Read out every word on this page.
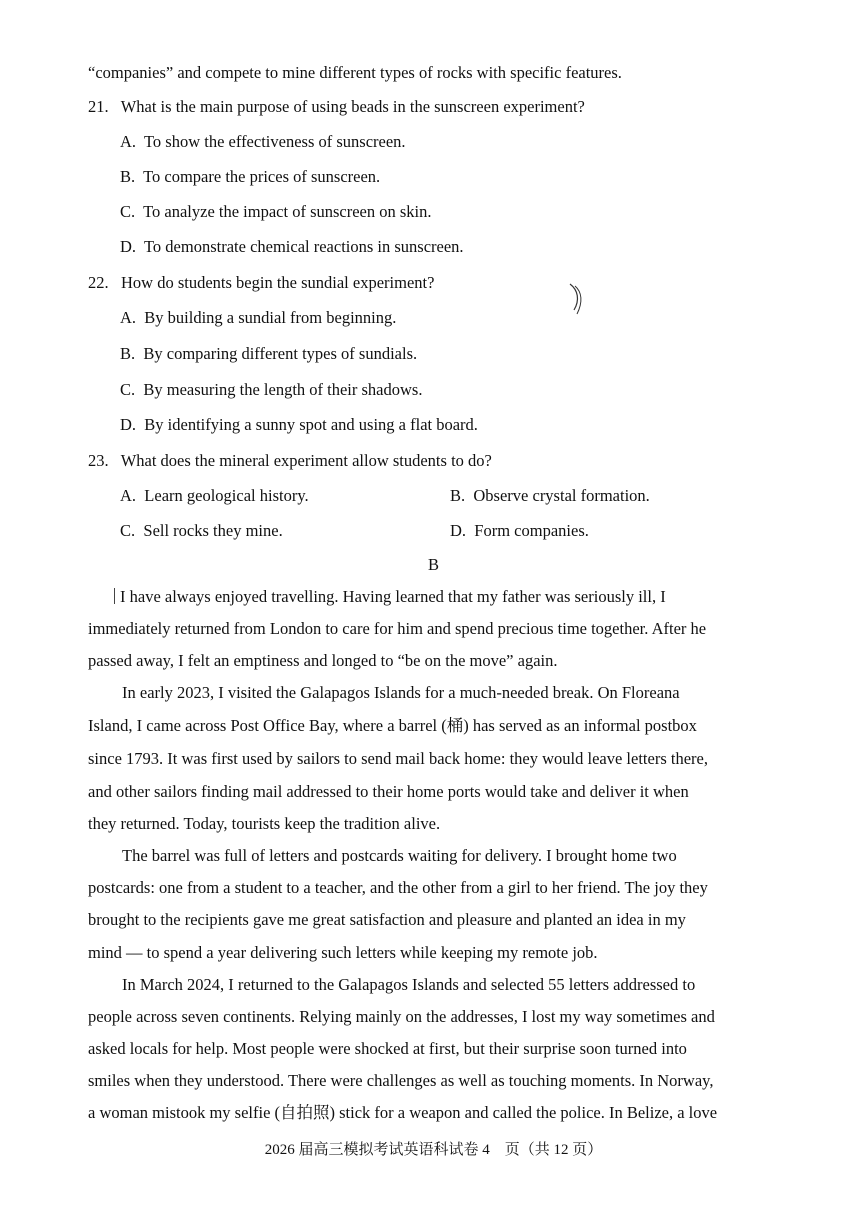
“companies” and compete to mine different types of rocks with specific features.
21. What is the main purpose of using beads in the sunscreen experiment?
A. To show the effectiveness of sunscreen.
B. To compare the prices of sunscreen.
C. To analyze the impact of sunscreen on skin.
D. To demonstrate chemical reactions in sunscreen.
22. How do students begin the sundial experiment?
A. By building a sundial from beginning.
B. By comparing different types of sundials.
C. By measuring the length of their shadows.
D. By identifying a sunny spot and using a flat board.
23. What does the mineral experiment allow students to do?
A. Learn geological history.	B. Observe crystal formation.
C. Sell rocks they mine.	D. Form companies.
B
I have always enjoyed travelling. Having learned that my father was seriously ill, I
immediately returned from London to care for him and spend precious time together. After he
passed away, I felt an emptiness and longed to “be on the move” again.
In early 2023, I visited the Galapagos Islands for a much-needed break. On Floreana
Island, I came across Post Office Bay, where a barrel (桶) has served as an informal postbox
since 1793. It was first used by sailors to send mail back home: they would leave letters there,
and other sailors finding mail addressed to their home ports would take and deliver it when
they returned. Today, tourists keep the tradition alive.
The barrel was full of letters and postcards waiting for delivery. I brought home two
postcards: one from a student to a teacher, and the other from a girl to her friend. The joy they
brought to the recipients gave me great satisfaction and pleasure and planted an idea in my
mind — to spend a year delivering such letters while keeping my remote job.
In March 2024, I returned to the Galapagos Islands and selected 55 letters addressed to
people across seven continents. Relying mainly on the addresses, I lost my way sometimes and
asked locals for help. Most people were shocked at first, but their surprise soon turned into
smiles when they understood. There were challenges as well as touching moments. In Norway,
a woman mistook my selfie (自拍照) stick for a weapon and called the police. In Belize, a love
2026 届高三模拟考试英语科试卷 4　页（共 12 页）
